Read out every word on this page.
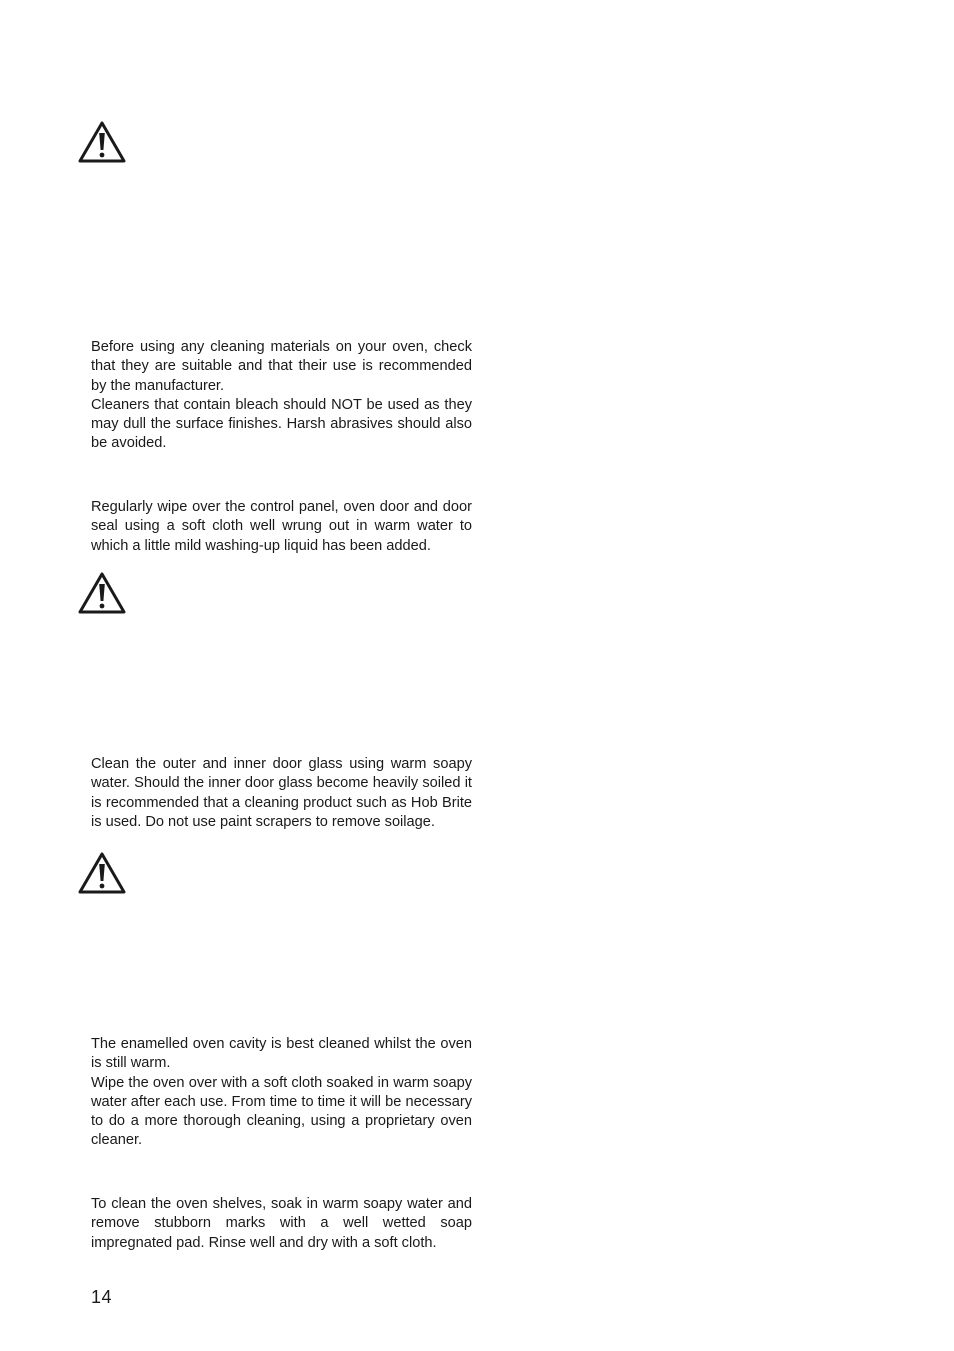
Before using any cleaning materials on your oven, check that they are suitable and that their use is recommended by the manufacturer.

Cleaners that contain bleach should NOT be used as they may dull the surface finishes. Harsh abrasives should also be avoided.

Regularly wipe over the control panel, oven door and door seal using a soft cloth well wrung out in warm water to which a little mild washing-up liquid has been added.

Clean the outer and inner door glass using warm soapy water. Should the inner door glass become heavily soiled it is recommended that a cleaning product such as Hob Brite is used. Do not use paint scrapers to remove soilage.

The enamelled oven cavity is best cleaned whilst the oven is still warm.

Wipe the oven over with a soft cloth soaked in warm soapy water after each use. From time to time it will be necessary to do a more thorough cleaning, using a proprietary oven cleaner.

To clean the oven shelves, soak in warm soapy water and remove stubborn marks with a well wetted soap impregnated pad. Rinse well and dry with a soft cloth.

14
